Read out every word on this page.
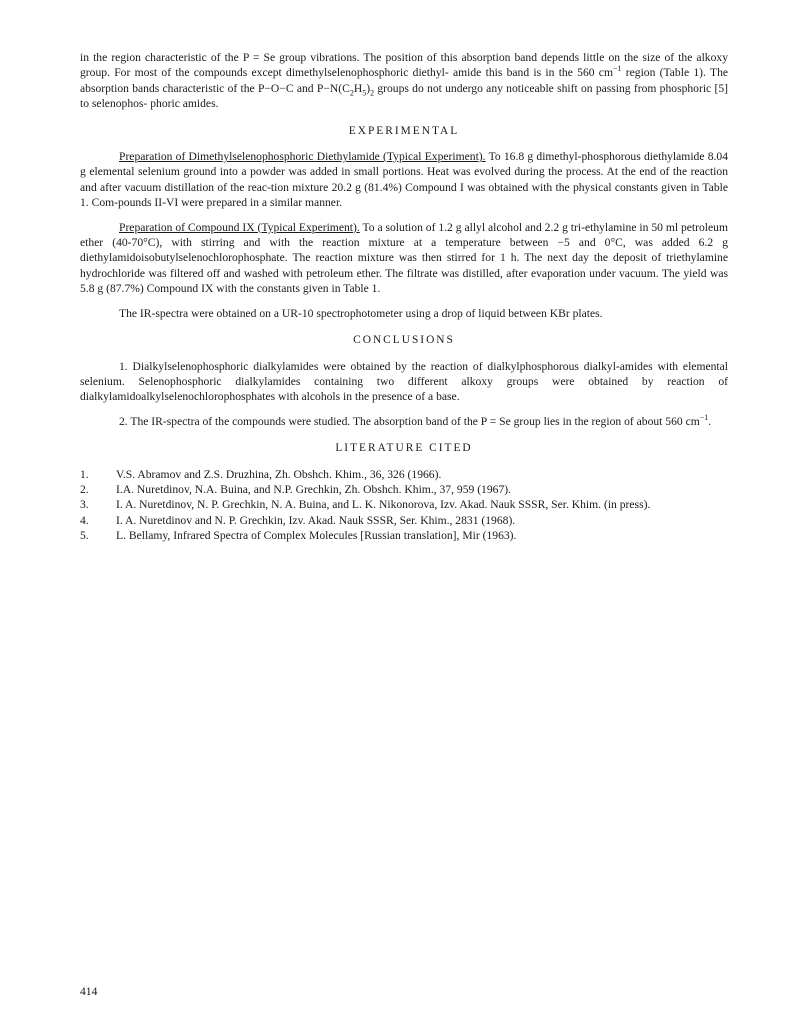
in the region characteristic of the P = Se group vibrations. The position of this absorption band depends little on the size of the alkoxy group. For most of the compounds except dimethylselenophosphoric diethyl- amide this band is in the 560 $cm^{-1}$ region (Table 1). The absorption bands characteristic of the P−O−C and $P-N(C_2H_5)_2$ groups do not undergo any noticeable shift on passing from phosphoric [5] to selenophos- phoric amides.

EXPERIMENTAL

Preparation of Dimethylselenophosphoric Diethylamide (Typical Experiment). To 16.8 g dimethyl-phosphorous diethylamide 8.04 g elemental selenium ground into a powder was added in small portions. Heat was evolved during the process. At the end of the reaction and after vacuum distillation of the reac-tion mixture 20.2 g (81.4%) Compound I was obtained with the physical constants given in Table 1. Com-pounds II-VI were prepared in a similar manner.

Preparation of Compound IX (Typical Experiment). To a solution of 1.2 g allyl alcohol and 2.2 g tri-ethylamine in 50 ml petroleum ether (40-70°C), with stirring and with the reaction mixture at a temperature between −5 and 0°C, was added 6.2 g diethylamidoisobutylselenochlorophosphate. The reaction mixture was then stirred for 1 h. The next day the deposit of triethylamine hydrochloride was filtered off and washed with petroleum ether. The filtrate was distilled, after evaporation under vacuum. The yield was 5.8 g (87.7%) Compound IX with the constants given in Table 1.

The IR-spectra were obtained on a UR-10 spectrophotometer using a drop of liquid between KBr plates.

CONCLUSIONS

1. Dialkylselenophosphoric dialkylamides were obtained by the reaction of dialkylphosphorous dialkyl-amides with elemental selenium. Selenophosphoric dialkylamides containing two different alkoxy groups were obtained by reaction of dialkylamidoalkylselenochlorophosphates with alcohols in the presence of a base.

2. The IR-spectra of the compounds were studied. The absorption band of the P = Se group lies in the region of about 560 $cm^{-1}$.

LITERATURE CITED
1.	V.S. Abramov and Z.S. Druzhina, Zh. Obshch. Khim., 36, 326 (1966).
2.	I.A. Nuretdinov, N.A. Buina, and N.P. Grechkin, Zh. Obshch. Khim., 37, 959 (1967).
3.	I. A. Nuretdinov, N. P. Grechkin, N. A. Buina, and L. K. Nikonorova, Izv. Akad. Nauk SSSR, Ser. Khim. (in press).
4.	I. A. Nuretdinov and N. P. Grechkin, Izv. Akad. Nauk SSSR, Ser. Khim., 2831 (1968).
5.	L. Bellamy, Infrared Spectra of Complex Molecules [Russian translation], Mir (1963).
414
